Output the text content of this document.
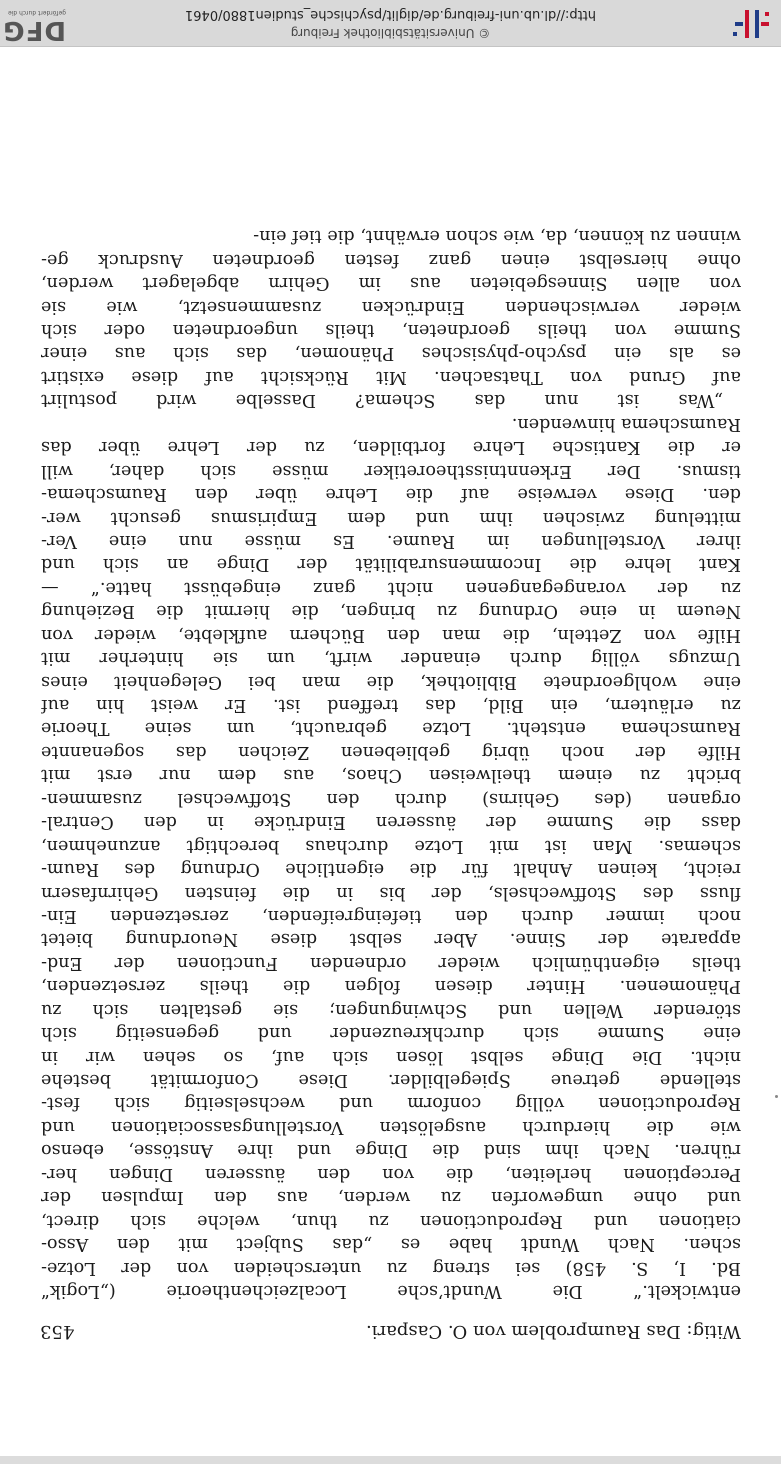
Witig: Das Raumproblem von O. Caspari.
453
entwickelt.“ Die Wundt’sche Localzeichentheorie („Logik“
Bd. I, S. 458) sei streng zu unterscheiden von der Lotze-
schen. Nach Wundt habe es „das Subject mit den Asso-
ciationen und Reproductionen zu thun, welche sich direct,
und ohne umgeworfen zu werden, aus den Impulsen der
Perceptionen herleiten, die von den äusseren Dingen her-
rühren. Nach ihm sind die Dinge und ihre Anstösse, ebenso
wie die hierdurch ausgelösten Vorstellungsassociationen und
Reproductionen völlig conform und wechselseitig sich fest-
stellende getreue Spiegelbilder. Diese Conformität bestehe
nicht. Die Dinge selbst lösen sich auf, so sehen wir in
eine Summe sich durchkreuzender und gegenseitig sich
störender Wellen und Schwingungen; sie gestalten sich zu
Phänomenen. Hinter diesen folgen die theils zersetzenden,
theils eigenthümlich wieder ordnenden Functionen der End-
apparate der Sinne. Aber selbst diese Neuordnung bietet
noch immer durch den tiefeingreifenden, zersetzenden Ein-
fluss des Stoffwechsels, der bis in die feinsten Gehirnfasern
reicht, keinen Anhalt für die eigentliche Ordnung des Raum-
schemas. Man ist mit Lotze durchaus berechtigt anzunehmen,
dass die Summe der äusseren Eindrücke in den Central-
organen (des Gehirns) durch den Stoffwechsel zusammen-
bricht zu einem theilweisen Chaos, aus dem nur erst mit
Hilfe der noch übrig gebliebenen Zeichen das sogenannte
Raumschema entsteht. Lotze gebraucht, um seine Theorie
zu erläutern, ein Bild, das treffend ist. Er weist hin auf
eine wohlgeordnete Bibliothek, die man bei Gelegenheit eines
Umzugs völlig durch einander wirft, um sie hinterher mit
Hilfe von Zetteln, die man den Büchern aufklebte, wieder von
Neuem in eine Ordnung zu bringen, die hiermit die Beziehung
zu der vorangegangenen nicht ganz eingebüsst hatte.“ —
Kant lehre die Incommensurabilität der Dinge an sich und
ihrer Vorstellungen im Raume. Es müsse nun eine Ver-
mittelung zwischen ihm und dem Empirismus gesucht wer-
den. Diese verweise auf die Lehre über den Raumschema-
tismus. Der Erkenntnisstheoretiker müsse sich daher, will
er die Kantische Lehre fortbilden, zu der Lehre über das
Raumschema hinwenden.
„Was ist nun das Schema? Dasselbe wird postulirt
auf Grund von Thatsachen. Mit Rücksicht auf diese existirt
es als ein psycho-physisches Phänomen, das sich aus einer
Summe von theils geordneten, theils ungeordneten oder sich
wieder verwischenden Eindrücken zusammensetzt, wie sie
von allen Sinnesgebieten aus im Gehirn abgelagert werden,
ohne hierselbst einen ganz festen geordneten Ausdruck ge-
winnen zu können, da, wie schon erwähnt, die tief ein-
© Universitätsbibliothek Freiburg
http://dl.ub.uni-freiburg.de/diglit/psychische_studien1880/0461
DFG
gefördert durch die
